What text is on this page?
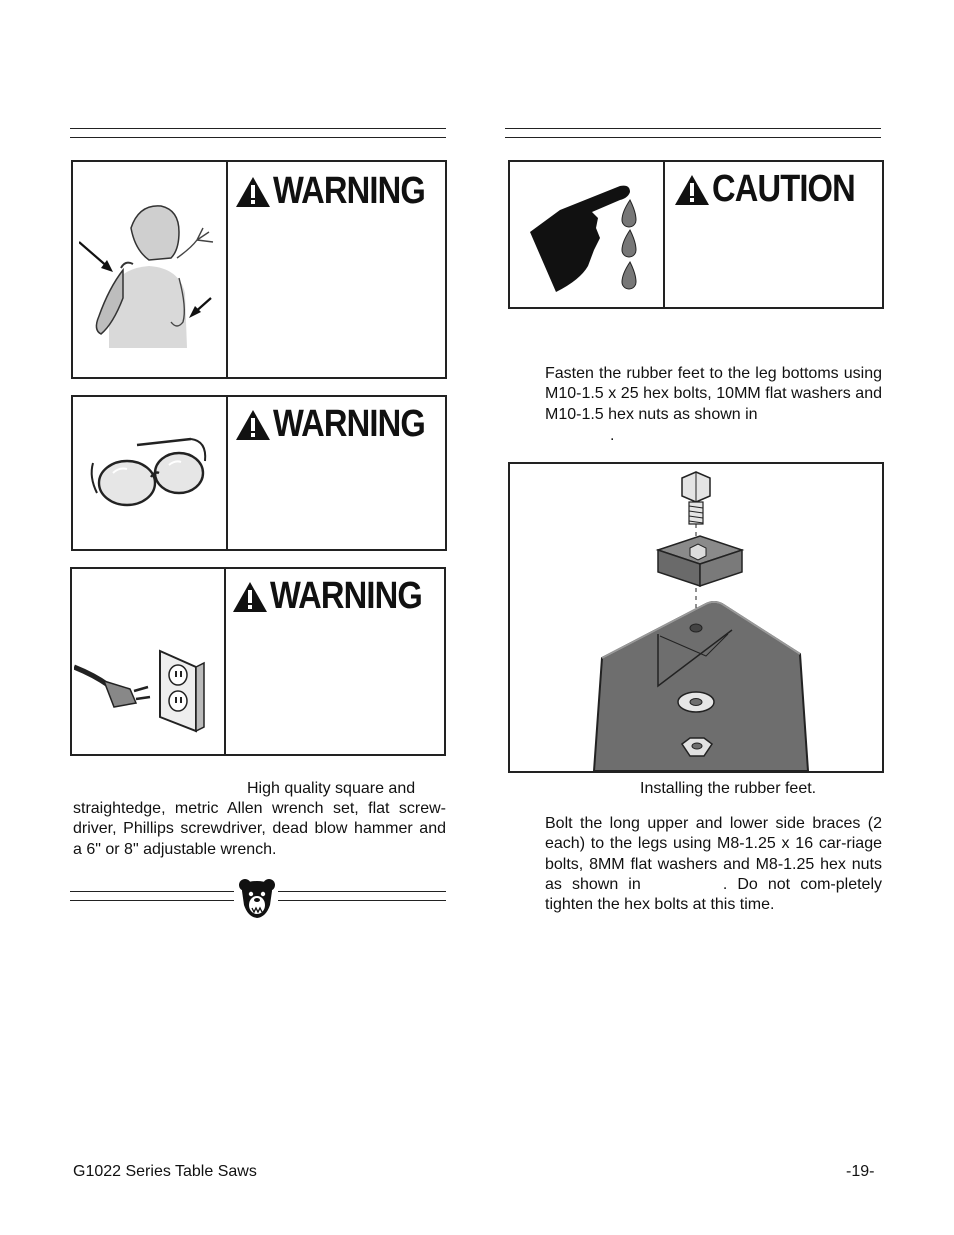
WARNING
WARNING
WARNING
High quality square and
straightedge, metric Allen wrench set, flat screw-driver, Phillips screwdriver, dead blow hammer and a 6" or 8" adjustable wrench.
CAUTION
Fasten the rubber feet to the leg bottoms using M10-1.5 x 25 hex bolts, 10MM flat washers and M10-1.5 hex nuts as shown in
.
Installing the rubber feet.
Bolt the long upper and lower side braces (2 each) to the legs using M8-1.25 x 16 car-riage bolts, 8MM flat washers and M8-1.25 hex nuts as shown in	. Do not com-pletely tighten the hex bolts at this time.
G1022 Series Table Saws	-19-
